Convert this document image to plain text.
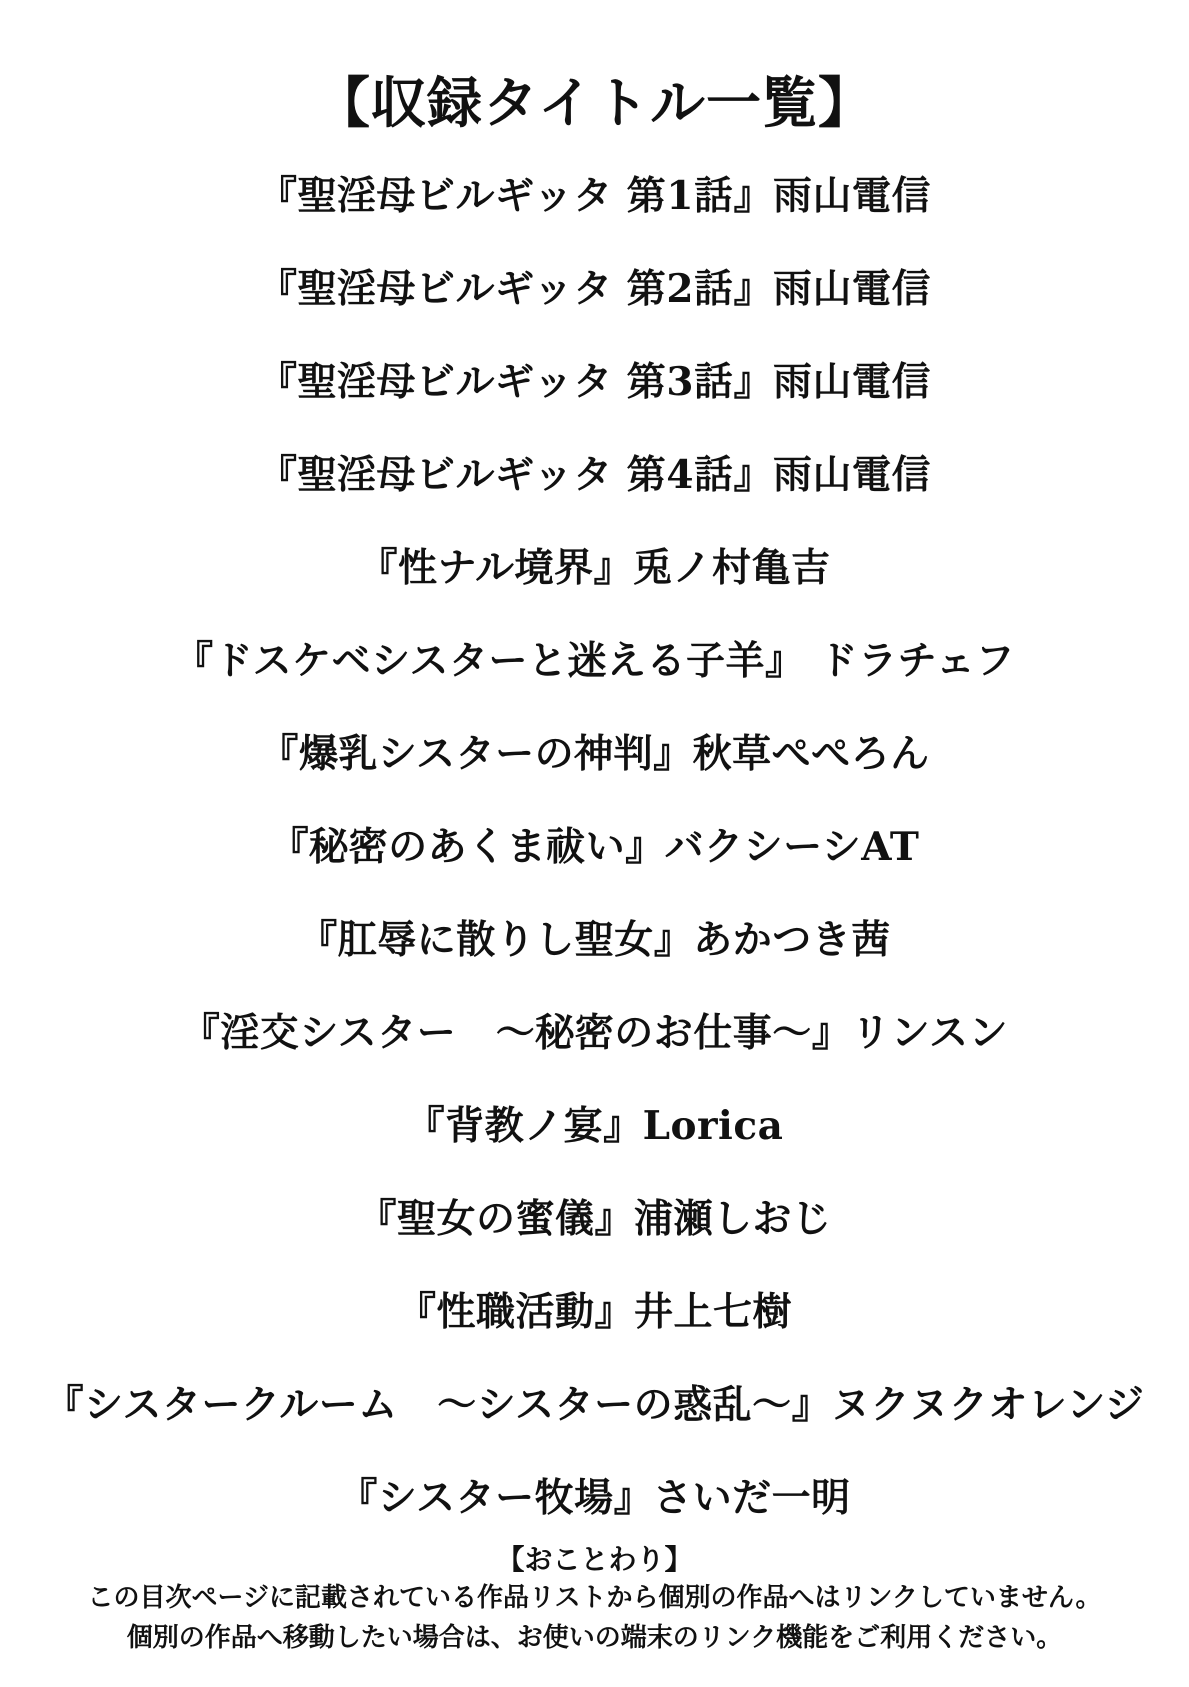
【収録タイトル一覧】
『聖淫母ビルギッタ 第1話』雨山電信
『聖淫母ビルギッタ 第2話』雨山電信
『聖淫母ビルギッタ 第3話』雨山電信
『聖淫母ビルギッタ 第4話』雨山電信
『性ナル境界』兎ノ村亀吉
『ドスケベシスターと迷える子羊』 ドラチェフ
『爆乳シスターの神判』秋草ぺぺろん
『秘密のあくま祓い』バクシーシAT
『肛辱に散りし聖女』あかつき茜
『淫交シスター　～秘密のお仕事～』リンスン
『背教ノ宴』Lorica
『聖女の蜜儀』浦瀬しおじ
『性職活動』井上七樹
『シスタークルーム　～シスターの惑乱～』ヌクヌクオレンジ
『シスター牧場』さいだ一明
【おことわり】
この目次ページに記載されている作品リストから個別の作品へはリンクしていません。
個別の作品へ移動したい場合は、お使いの端末のリンク機能をご利用ください。
